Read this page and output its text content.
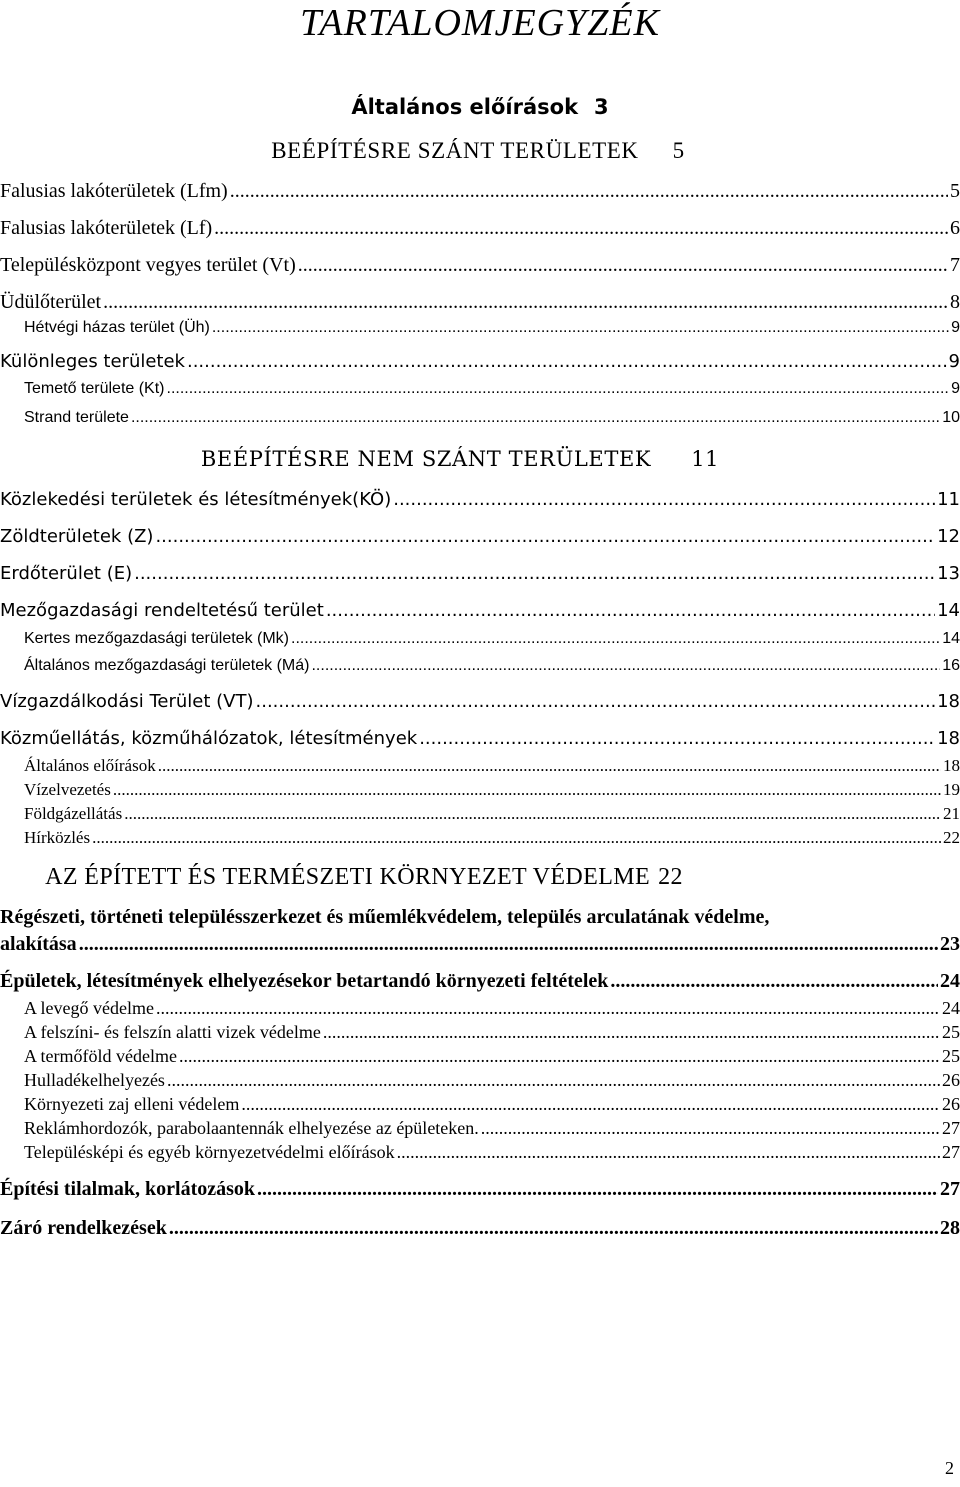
TARTALOMJEGYZÉK
Általános előírások 3
BEÉPÍTÉSRE SZÁNT TERÜLETEK 5
Falusias lakóterületek (Lfm) .....	5
Falusias lakóterületek (Lf) .....	6
Településközpont vegyes terület (Vt) .....	7
Üdülőterület .....	8
Hétvégi házas terület (Üh) .....	9
Különleges területek .....	9
Temető területe (Kt) .....	9
Strand területe .....	10
BEÉPÍTÉSRE NEM SZÁNT TERÜLETEK 11
Közlekedési területek és létesítmények(KÖ) .....	11
Zöldterületek (Z) .....	12
Erdőterület (E) .....	13
Mezőgazdasági rendeltetésű terület .....	14
Kertes mezőgazdasági területek (Mk) .....	14
Általános mezőgazdasági területek (Má) .....	16
Vízgazdálkodási Terület (VT) .....	18
Közműellátás, közműhálózatok, létesítmények .....	18
Általános előírások .....	18
Vízelvezetés .....	19
Földgázellátás .....	21
Hírközlés .....	22
AZ ÉPÍTETT ÉS TERMÉSZETI KÖRNYEZET VÉDELME 22
Régészeti, történeti településszerkezet és műemlékvédelem, település arculatának védelme,
alakítása .....	23
Épületek, létesítmények elhelyezésekor betartandó környezeti feltételek .....	24
A levegő védelme .....	24
A felszíni- és felszín alatti vizek védelme .....	25
A termőföld védelme .....	25
Hulladékelhelyezés .....	26
Környezeti zaj elleni védelem .....	26
Reklámhordozók, parabolaantennák elhelyezése az épületeken. .....	27
Településképi és egyéb környezetvédelmi előírások .....	27
Építési tilalmak, korlátozások .....	27
Záró rendelkezések .....	28
2
